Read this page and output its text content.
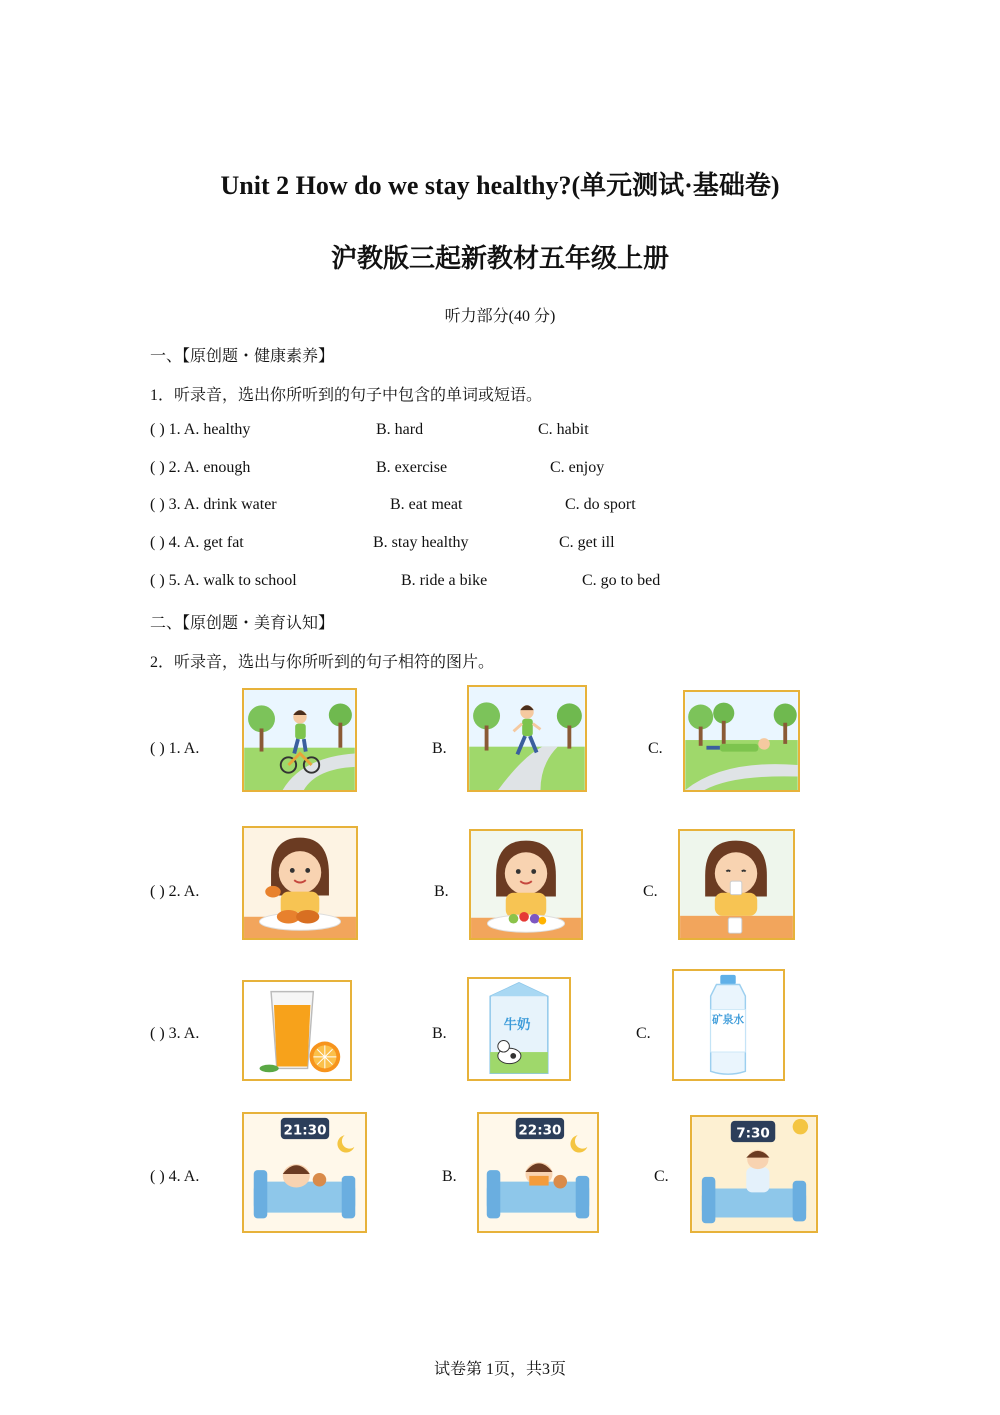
Unit 2 How do we stay healthy?(单元测试·基础卷)
沪教版三起新教材五年级上册
听力部分(40 分)
一、【原创题・健康素养】
1．听录音，选出你所听到的句子中包含的单词或短语。
( ) 1. A. healthy	B. hard	C. habit
( ) 2. A. enough	B. exercise	C. enjoy
( ) 3. A. drink water	B. eat meat	C. do sport
( ) 4. A. get fat	B. stay healthy	C. get ill
( ) 5. A. walk to school	B. ride a bike	C. go to bed
二、【原创题・美育认知】
2．听录音，选出与你所听到的句子相符的图片。
( ) 1. A.	B.	C.
( ) 2. A.	B.	C.
( ) 3. A.	B.	C.
牛奶	矿泉水
( ) 4. A.	B.	C.
21:30	22:30	7:30
试卷第 1页，共3页
